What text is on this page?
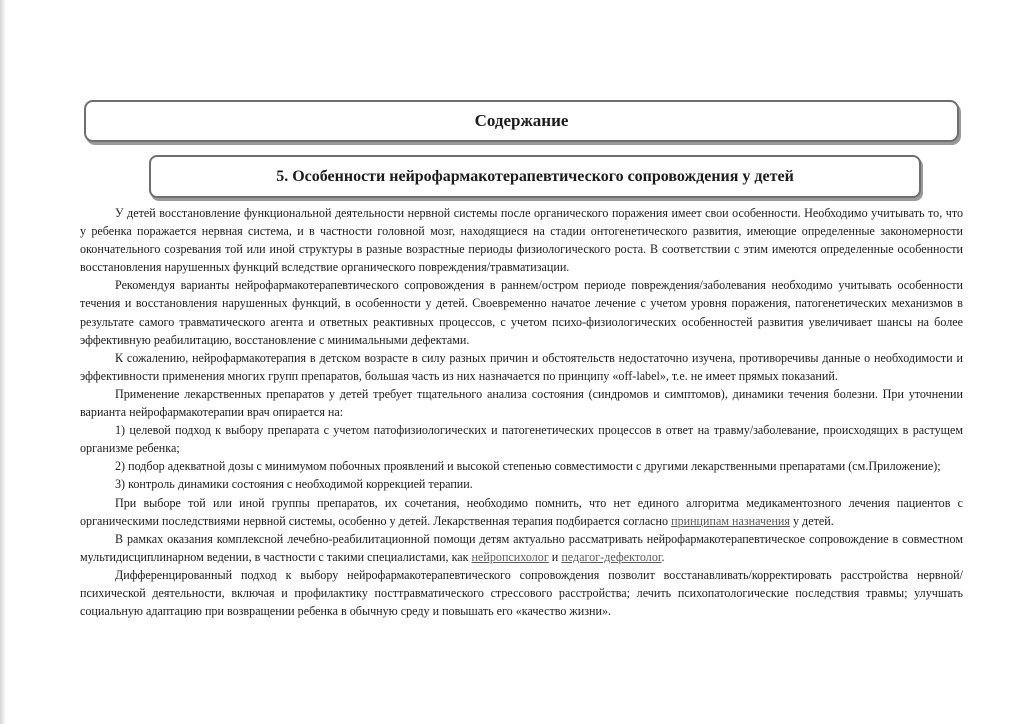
Содержание
5. Особенности нейрофармакотерапевтического сопровождения у детей

У детей восстановление функциональной деятельности нервной системы после органического поражения имеет свои особенности. Необходимо учитывать то, что у ребенка поражается нервная система, и в частности головной мозг, находящиеся на стадии онтогенетического развития, имеющие определенные закономерности окончательного созревания той или иной структуры в разные возрастные периоды физиологического роста. В соответствии с этим имеются определенные особенности восстановления нарушенных функций вследствие органического повреждения/травматизации.

Рекомендуя варианты нейрофармакотерапевтического сопровождения в раннем/остром периоде повреждения/заболевания необходимо учитывать особенности течения и восстановления нарушенных функций, в особенности у детей. Своевременно начатое лечение с учетом уровня поражения, патогенетических механизмов в результате самого травматического агента и ответных реактивных процессов, с учетом психо-физиологических особенностей развития увеличивает шансы на более эффективную реабилитацию, восстановление с минимальными дефектами.

К сожалению, нейрофармакотерапия в детском возрасте в силу разных причин и обстоятельств недостаточно изучена, противоречивы данные о необходимости и эффективности применения многих групп препаратов, большая часть из них назначается по принципу «off-label», т.е. не имеет прямых показаний.

Применение лекарственных препаратов у детей требует тщательного анализа состояния (синдромов и симптомов), динамики течения болезни. При уточнении варианта нейрофармакотерапии врач опирается на:

1) целевой подход к выбору препарата с учетом патофизиологических и патогенетических процессов в ответ на травму/заболевание, происходящих в растущем организме ребенка;

2) подбор адекватной дозы с минимумом побочных проявлений и высокой степенью совместимости с другими лекарственными препаратами (см.Приложение);

3) контроль динамики состояния с необходимой коррекцией терапии.

При выборе той или иной группы препаратов, их сочетания, необходимо помнить, что нет единого алгоритма медикаментозного лечения пациентов с органическими последствиями нервной системы, особенно у детей. Лекарственная терапия подбирается согласно принципам назначения у детей.

В рамках оказания комплексной лечебно-реабилитационной помощи детям актуально рассматривать нейрофармакотерапевтическое сопровождение в совместном мультидисциплинарном ведении, в частности с такими специалистами, как нейропсихолог и педагог-дефектолог.

Дифференцированный подход к выбору нейрофармакотерапевтического сопровождения позволит восстанавливать/корректировать расстройства нервной/психической деятельности, включая и профилактику посттравматического стрессового расстройства; лечить психопатологические последствия травмы; улучшать социальную адаптацию при возвращении ребенка в обычную среду и повышать его «качество жизни».
